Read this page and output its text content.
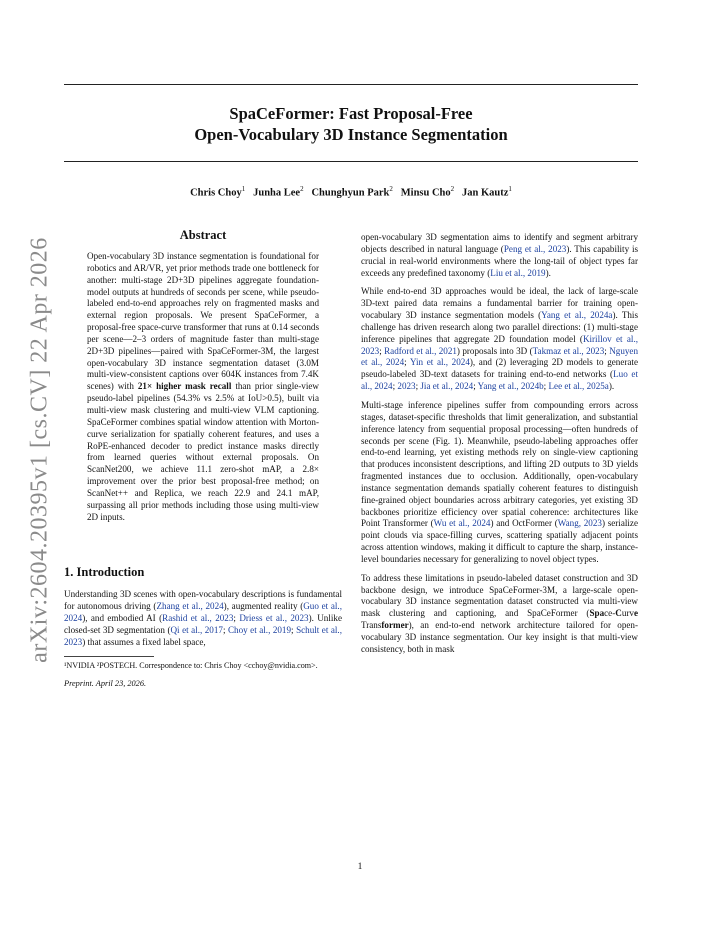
arXiv:2604.20395v1 [cs.CV] 22 Apr 2026
SpaCeFormer: Fast Proposal-Free
Open-Vocabulary 3D Instance Segmentation
Chris Choy$^1$ Junha Lee$^2$ Chunghyun Park$^2$ Minsu Cho$^2$ Jan Kautz$^1$
Abstract
Open-vocabulary 3D instance segmentation is foundational for robotics and AR/VR, yet prior methods trade one bottleneck for another: multi-stage 2D+3D pipelines aggregate foundation-model outputs at hundreds of seconds per scene, while pseudo-labeled end-to-end approaches rely on fragmented masks and external region proposals. We present SpaCeFormer, a proposal-free space-curve transformer that runs at 0.14 seconds per scene—2–3 orders of magnitude faster than multi-stage 2D+3D pipelines—paired with SpaCeFormer-3M, the largest open-vocabulary 3D instance segmentation dataset (3.0M multi-view-consistent captions over 604K instances from 7.4K scenes) with 21× higher mask recall than prior single-view pseudo-label pipelines (54.3% vs 2.5% at IoU>0.5), built via multi-view mask clustering and multi-view VLM captioning. SpaCeFormer combines spatial window attention with Morton-curve serialization for spatially coherent features, and uses a RoPE-enhanced decoder to predict instance masks directly from learned queries without external proposals. On ScanNet200, we achieve 11.1 zero-shot mAP, a 2.8× improvement over the prior best proposal-free method; on ScanNet++ and Replica, we reach 22.9 and 24.1 mAP, surpassing all prior methods including those using multi-view 2D inputs.
1. Introduction
Understanding 3D scenes with open-vocabulary descriptions is fundamental for autonomous driving (Zhang et al., 2024), augmented reality (Guo et al., 2024), and embodied AI (Rashid et al., 2023; Driess et al., 2023). Unlike closed-set 3D segmentation (Qi et al., 2017; Choy et al., 2019; Schult et al., 2023) that assumes a fixed label space,
¹NVIDIA ²POSTECH. Correspondence to: Chris Choy <cchoy@nvidia.com>.
Preprint. April 23, 2026.
open-vocabulary 3D segmentation aims to identify and segment arbitrary objects described in natural language (Peng et al., 2023). This capability is crucial in real-world environments where the long-tail of object types far exceeds any predefined taxonomy (Liu et al., 2019).
While end-to-end 3D approaches would be ideal, the lack of large-scale 3D-text paired data remains a fundamental barrier for training open-vocabulary 3D instance segmentation models (Yang et al., 2024a). This challenge has driven research along two parallel directions: (1) multi-stage inference pipelines that aggregate 2D foundation model (Kirillov et al., 2023; Radford et al., 2021) proposals into 3D (Takmaz et al., 2023; Nguyen et al., 2024; Yin et al., 2024), and (2) leveraging 2D models to generate pseudo-labeled 3D-text datasets for training end-to-end networks (Luo et al., 2024; 2023; Jia et al., 2024; Yang et al., 2024b; Lee et al., 2025a).
Multi-stage inference pipelines suffer from compounding errors across stages, dataset-specific thresholds that limit generalization, and substantial inference latency from sequential proposal processing—often hundreds of seconds per scene (Fig. 1). Meanwhile, pseudo-labeling approaches offer end-to-end learning, yet existing methods rely on single-view captioning that produces inconsistent descriptions, and lifting 2D outputs to 3D yields fragmented instances due to occlusion. Additionally, open-vocabulary instance segmentation demands spatially coherent features to distinguish fine-grained object boundaries across arbitrary categories, yet existing 3D backbones prioritize efficiency over spatial coherence: architectures like Point Transformer (Wu et al., 2024) and OctFormer (Wang, 2023) serialize point clouds via space-filling curves, scattering spatially adjacent points across attention windows, making it difficult to capture the sharp, instance-level boundaries necessary for generalizing to novel object types.
To address these limitations in pseudo-labeled dataset construction and 3D backbone design, we introduce SpaCeFormer-3M, a large-scale open-vocabulary 3D instance segmentation dataset constructed via multi-view mask clustering and captioning, and SpaCeFormer (Space-Curve Transformer), an end-to-end network architecture tailored for open-vocabulary 3D instance segmentation. Our key insight is that multi-view consistency, both in mask
1
